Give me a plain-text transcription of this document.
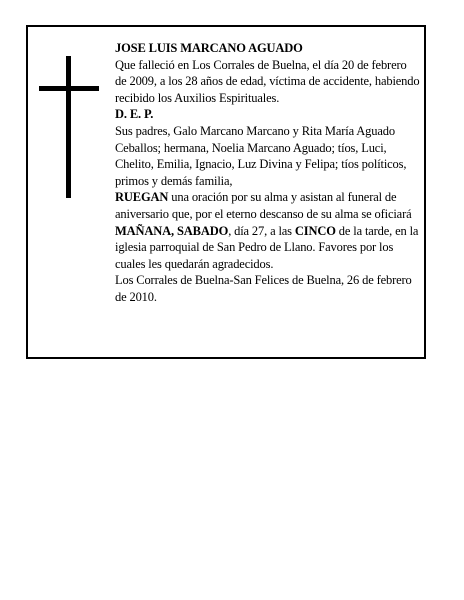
JOSE LUIS MARCANO AGUADO

Que falleció en Los Corrales de Buelna, el día 20 de febrero de 2009, a los 28 años de edad, víctima de accidente, habiendo recibido los Auxilios Espirituales.

D. E. P.

Sus padres, Galo Marcano Marcano y Rita María Aguado Ceballos; hermana, Noelia Marcano Aguado; tíos, Luci, Chelito, Emilia, Ignacio, Luz Divina y Felipa; tíos políticos, primos y demás familia,

RUEGAN una oración por su alma y asistan al funeral de aniversario que, por el eterno descanso de su alma se oficiará MAÑANA, SABADO, día 27, a las CINCO de la tarde, en la iglesia parroquial de San Pedro de Llano. Favores por los cuales les quedarán agradecidos.

Los Corrales de Buelna-San Felices de Buelna, 26 de febrero de 2010.
